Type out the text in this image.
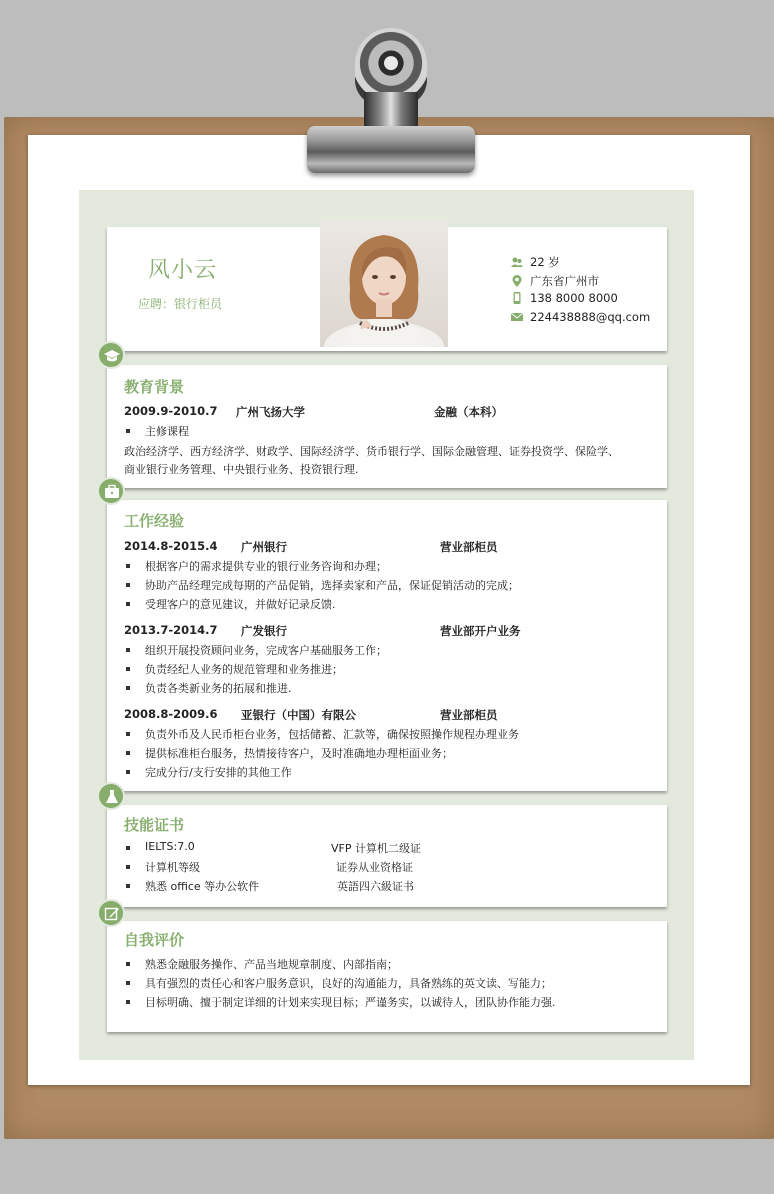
风小云
应聘：银行柜员
22 岁
广东省广州市
138 8000 8000
224438888@qq.com
教育背景
2009.9-2010.7 广州飞扬大学	金融（本科）
主修课程
政治经济学、西方经济学、财政学、国际经济学、货币银行学、国际金融管理、证券投资学、保险学、
商业银行业务管理、中央银行业务、投资银行理.
工作经验
2014.8-2015.4 广州银行	营业部柜员
根据客户的需求提供专业的银行业务咨询和办理；
协助产品经理完成每期的产品促销，选择卖家和产品，保证促销活动的完成；
受理客户的意见建议，并做好记录反馈.
2013.7-2014.7 广发银行	营业部开户业务
组织开展投资顾问业务，完成客户基础服务工作；
负责经纪人业务的规范管理和业务推进；
负责各类新业务的拓展和推进.
2008.8-2009.6 亚银行（中国）有限公	营业部柜员
负责外币及人民币柜台业务，包括储蓄、汇款等，确保按照操作规程办理业务
提供标准柜台服务，热情接待客户，及时准确地办理柜面业务；
完成分行/支行安排的其他工作
技能证书
IELTS:7.0	VFP 计算机二级证
计算机等级	证券从业资格证
熟悉 office 等办公软件	英語四六級证书
自我评价
熟悉金融服务操作、产品当地规章制度、内部指南；
具有强烈的责任心和客户服务意识，良好的沟通能力，具备熟练的英文读、写能力；
目标明确、擅于制定详细的计划来实现目标；严谨务实，以诚待人，团队协作能力强.
